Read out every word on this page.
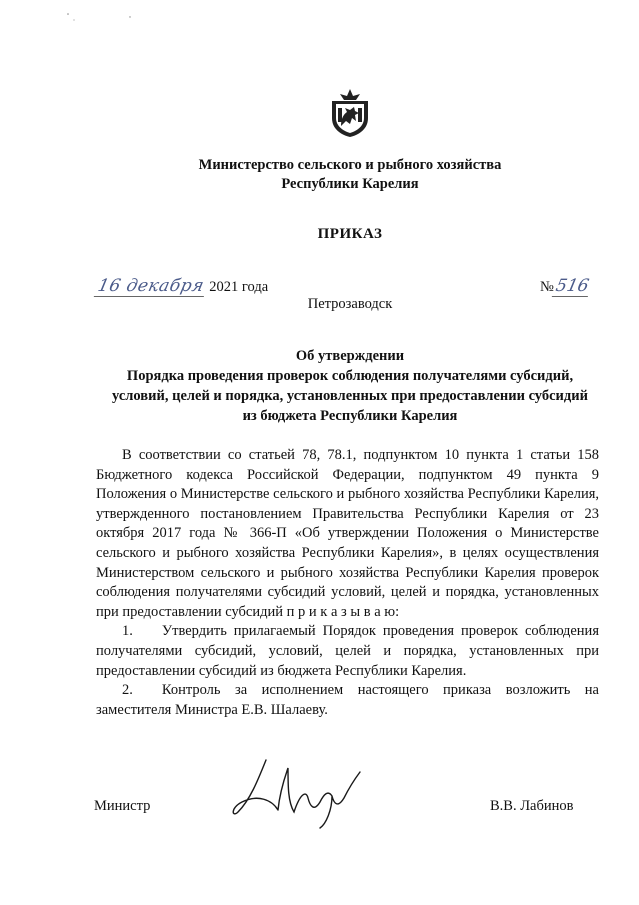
Министерство сельского и рыбного хозяйства
Республики Карелия
ПРИКАЗ
16 декабря 2021 года	№516
Петрозаводск
Об утверждении
Порядка проведения проверок соблюдения получателями субсидий,
условий, целей и порядка, установленных при предоставлении субсидий
из бюджета Республики Карелия

В соответствии со статьей 78, 78.1, подпунктом 10 пункта 1 статьи 158 Бюджетного кодекса Российской Федерации, подпунктом 49 пункта 9 Положения о Министерстве сельского и рыбного хозяйства Республики Карелия, утвержденного постановлением Правительства Республики Карелия от 23 октября 2017 года № 366-П «Об утверждении Положения о Министерстве сельского и рыбного хозяйства Республики Карелия», в целях осуществления Министерством сельского и рыбного хозяйства Республики Карелия проверок соблюдения получателями субсидий условий, целей и порядка, установленных при предоставлении субсидий п р и к а з ы в а ю:

1.  Утвердить прилагаемый Порядок проведения проверок соблюдения получателями субсидий, условий, целей и порядка, установленных при предоставлении субсидий из бюджета Республики Карелия.

2.  Контроль за исполнением настоящего приказа возложить на заместителя Министра Е.В. Шалаеву.

Министр	В.В. Лабинов
